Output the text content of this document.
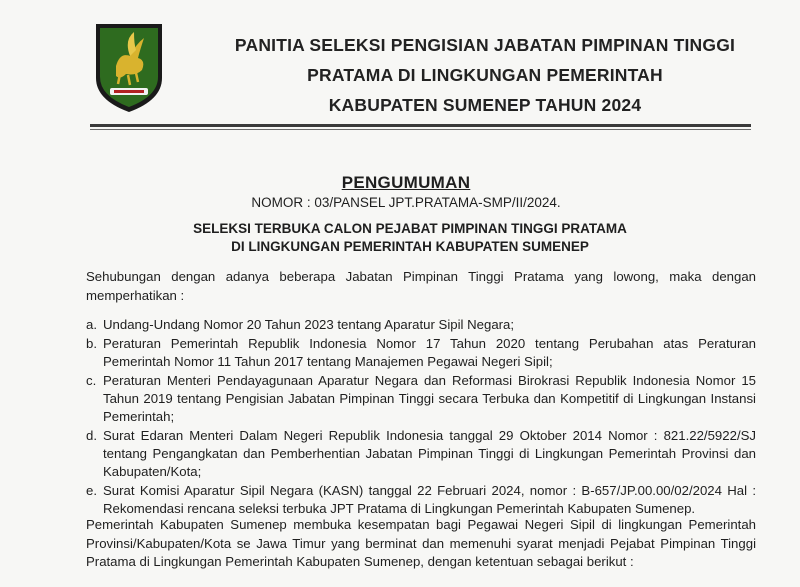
PANITIA SELEKSI PENGISIAN JABATAN PIMPINAN TINGGI
PRATAMA DI LINGKUNGAN PEMERINTAH
KABUPATEN SUMENEP TAHUN 2024
PENGUMUMAN
NOMOR : 03/PANSEL JPT.PRATAMA-SMP/II/2024.
SELEKSI TERBUKA CALON PEJABAT PIMPINAN TINGGI PRATAMA
DI LINGKUNGAN PEMERINTAH KABUPATEN SUMENEP
Sehubungan dengan adanya beberapa Jabatan Pimpinan Tinggi Pratama yang lowong, maka dengan memperhatikan :
a. Undang-Undang Nomor 20 Tahun 2023 tentang Aparatur Sipil Negara;
b. Peraturan Pemerintah Republik Indonesia Nomor 17 Tahun 2020 tentang Perubahan atas Peraturan Pemerintah Nomor 11 Tahun 2017 tentang Manajemen Pegawai Negeri Sipil;
c. Peraturan Menteri Pendayagunaan Aparatur Negara dan Reformasi Birokrasi Republik Indonesia Nomor 15 Tahun 2019 tentang Pengisian Jabatan Pimpinan Tinggi secara Terbuka dan Kompetitif di Lingkungan Instansi Pemerintah;
d. Surat Edaran Menteri Dalam Negeri Republik Indonesia tanggal 29 Oktober 2014 Nomor : 821.22/5922/SJ tentang Pengangkatan dan Pemberhentian Jabatan Pimpinan Tinggi di Lingkungan Pemerintah Provinsi dan Kabupaten/Kota;
e. Surat Komisi Aparatur Sipil Negara (KASN) tanggal 22 Februari 2024, nomor : B-657/JP.00.00/02/2024 Hal : Rekomendasi rencana seleksi terbuka JPT Pratama di Lingkungan Pemerintah Kabupaten Sumenep.
Pemerintah Kabupaten Sumenep membuka kesempatan bagi Pegawai Negeri Sipil di lingkungan Pemerintah Provinsi/Kabupaten/Kota se Jawa Timur yang berminat dan memenuhi syarat menjadi Pejabat Pimpinan Tinggi Pratama di Lingkungan Pemerintah Kabupaten Sumenep, dengan ketentuan sebagai berikut :
